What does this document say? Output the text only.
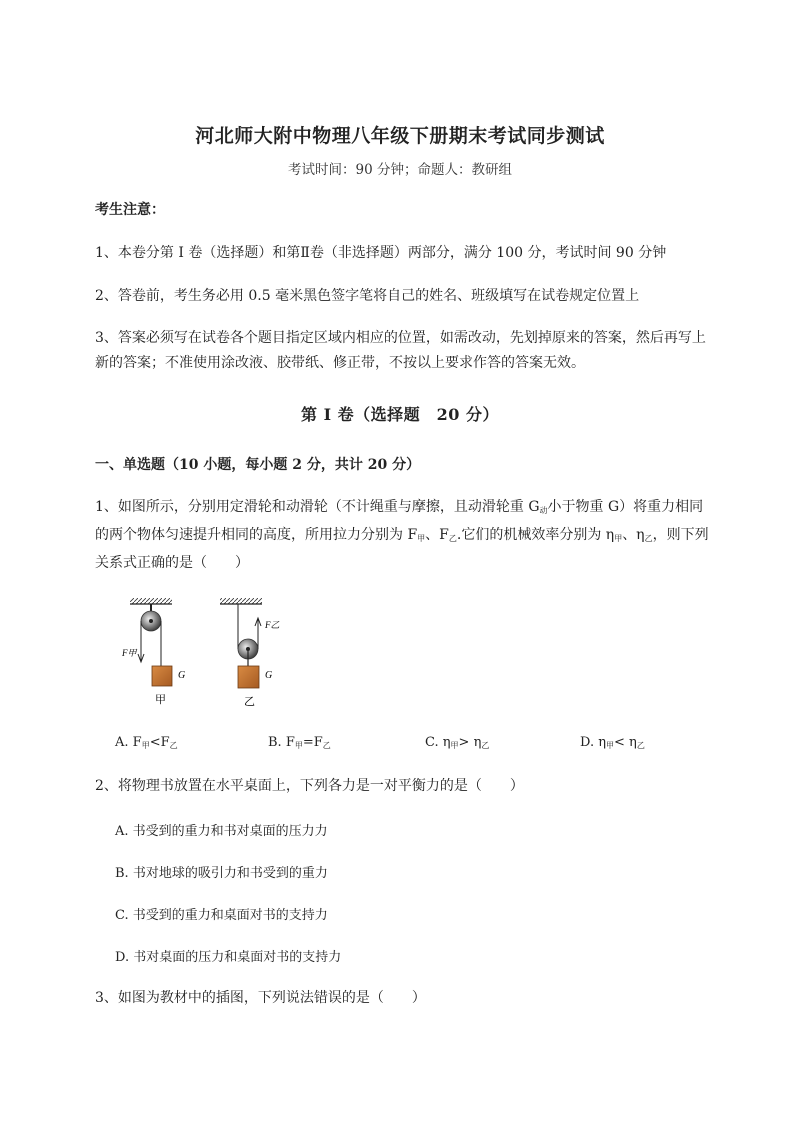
河北师大附中物理八年级下册期末考试同步测试
考试时间：90 分钟；命题人：教研组
考生注意：
1、本卷分第 I 卷（选择题）和第Ⅱ卷（非选择题）两部分，满分 100 分，考试时间 90 分钟
2、答卷前，考生务必用 0.5 毫米黑色签字笔将自己的姓名、班级填写在试卷规定位置上
3、答案必须写在试卷各个题目指定区域内相应的位置，如需改动，先划掉原来的答案，然后再写上新的答案；不准使用涂改液、胶带纸、修正带，不按以上要求作答的答案无效。
第 I 卷（选择题　20 分）
一、单选题（10 小题，每小题 2 分，共计 20 分）
1、如图所示，分别用定滑轮和动滑轮（不计绳重与摩擦，且动滑轮重 $G_动$小于物重 G）将重力相同的两个物体匀速提升相同的高度，所用拉力分别为 $F_甲$、$F_乙$.它们的机械效率分别为 $\eta_甲$、$\eta_乙$，则下列关系式正确的是（　　）
F甲
G
甲
F乙
G
乙
A. $F_甲<F_乙$	B. $F_甲=F_乙$	C. $\eta_甲> \eta_乙$	D. $\eta_甲< \eta_乙$
2、将物理书放置在水平桌面上，下列各力是一对平衡力的是（　　）
A. 书受到的重力和书对桌面的压力力
B. 书对地球的吸引力和书受到的重力
C. 书受到的重力和桌面对书的支持力
D. 书对桌面的压力和桌面对书的支持力
3、如图为教材中的插图，下列说法错误的是（　　）
